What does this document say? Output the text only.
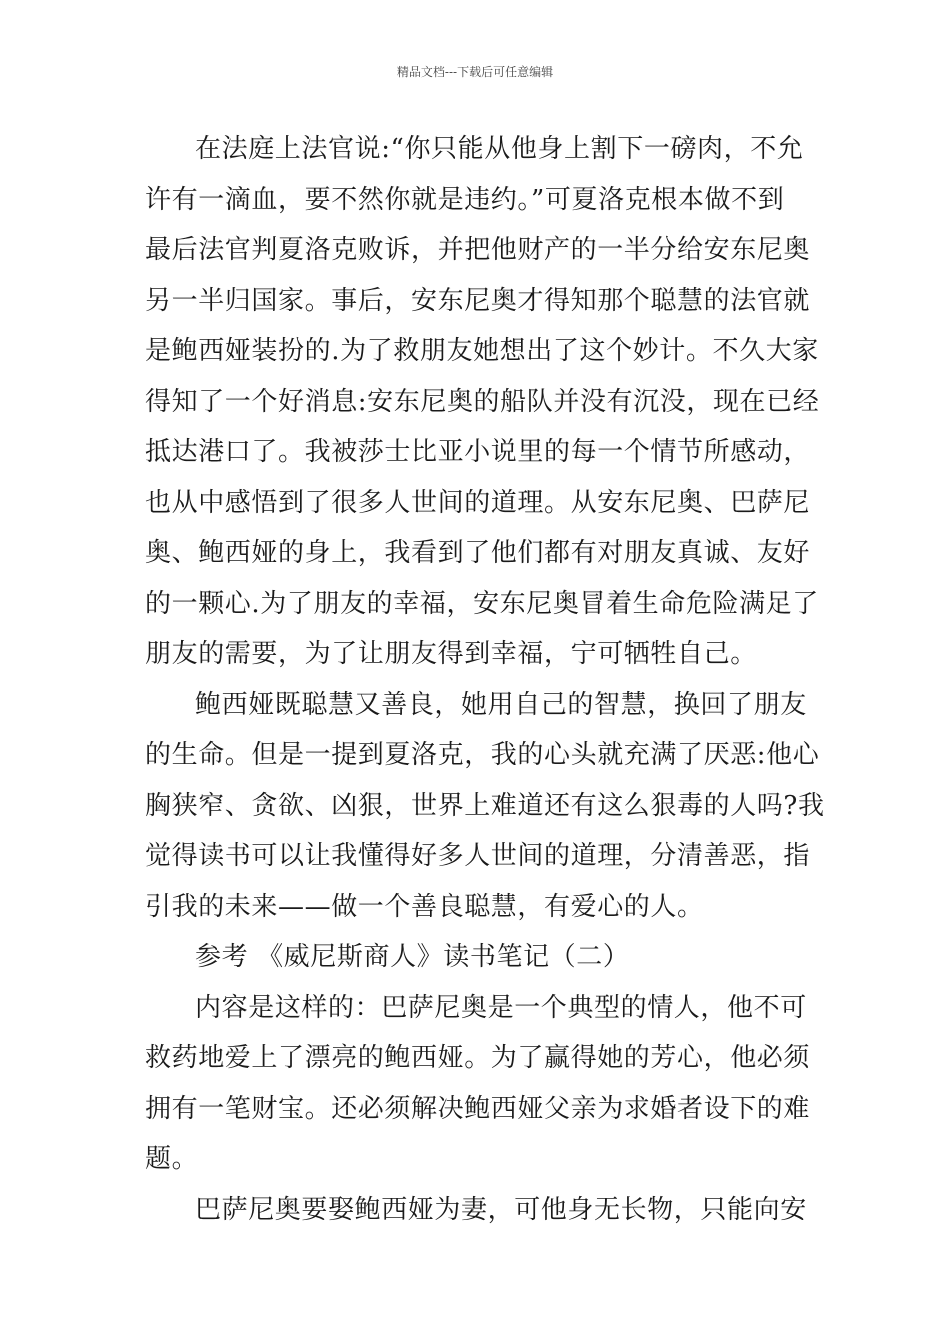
精品文档---下载后可任意编辑
在法庭上法官说:“你只能从他身上割下一磅肉，不允
许有一滴血，要不然你就是违约。”可夏洛克根本做不到
最后法官判夏洛克败诉，并把他财产的一半分给安东尼奥
另一半归国家。事后，安东尼奥才得知那个聪慧的法官就
是鲍西娅装扮的.为了救朋友她想出了这个妙计。不久大家
得知了一个好消息:安东尼奥的船队并没有沉没，现在已经
抵达港口了。我被莎士比亚小说里的每一个情节所感动，
也从中感悟到了很多人世间的道理。从安东尼奥、巴萨尼
奥、鲍西娅的身上，我看到了他们都有对朋友真诚、友好
的一颗心.为了朋友的幸福，安东尼奥冒着生命危险满足了
朋友的需要，为了让朋友得到幸福，宁可牺牲自己。
鲍西娅既聪慧又善良，她用自己的智慧，换回了朋友
的生命。但是一提到夏洛克，我的心头就充满了厌恶:他心
胸狭窄、贪欲、凶狠，世界上难道还有这么狠毒的人吗?我
觉得读书可以让我懂得好多人世间的道理，分清善恶，指
引我的未来——做一个善良聪慧，有爱心的人。
参考 《威尼斯商人》读书笔记（二）
内容是这样的：巴萨尼奥是一个典型的情人，他不可
救药地爱上了漂亮的鲍西娅。为了赢得她的芳心，他必须
拥有一笔财宝。还必须解决鲍西娅父亲为求婚者设下的难
题。
巴萨尼奥要娶鲍西娅为妻，可他身无长物，只能向安
